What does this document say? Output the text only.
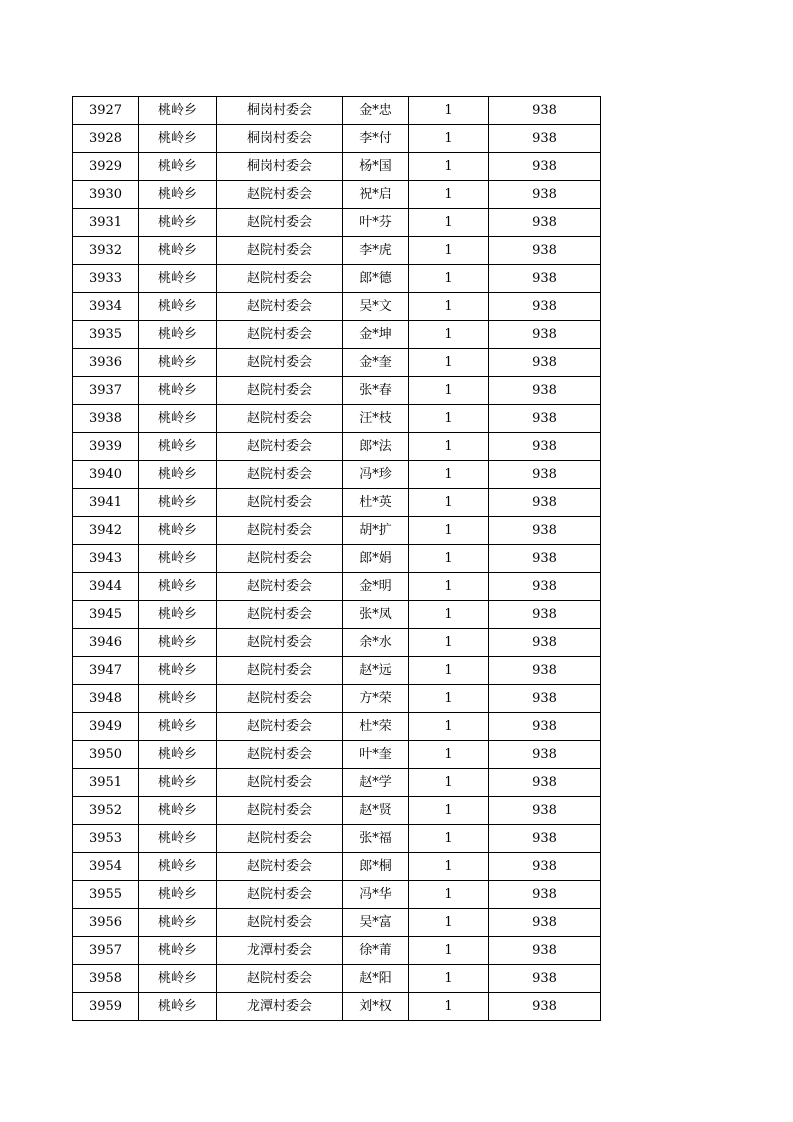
3927	桃岭乡	桐岗村委会	金*忠	1	938
3928	桃岭乡	桐岗村委会	李*付	1	938
3929	桃岭乡	桐岗村委会	杨*国	1	938
3930	桃岭乡	赵院村委会	祝*启	1	938
3931	桃岭乡	赵院村委会	叶*芬	1	938
3932	桃岭乡	赵院村委会	李*虎	1	938
3933	桃岭乡	赵院村委会	郎*德	1	938
3934	桃岭乡	赵院村委会	吴*文	1	938
3935	桃岭乡	赵院村委会	金*坤	1	938
3936	桃岭乡	赵院村委会	金*奎	1	938
3937	桃岭乡	赵院村委会	张*春	1	938
3938	桃岭乡	赵院村委会	汪*枝	1	938
3939	桃岭乡	赵院村委会	郎*法	1	938
3940	桃岭乡	赵院村委会	冯*珍	1	938
3941	桃岭乡	赵院村委会	杜*英	1	938
3942	桃岭乡	赵院村委会	胡*扩	1	938
3943	桃岭乡	赵院村委会	郎*娟	1	938
3944	桃岭乡	赵院村委会	金*明	1	938
3945	桃岭乡	赵院村委会	张*凤	1	938
3946	桃岭乡	赵院村委会	余*水	1	938
3947	桃岭乡	赵院村委会	赵*远	1	938
3948	桃岭乡	赵院村委会	方*荣	1	938
3949	桃岭乡	赵院村委会	杜*荣	1	938
3950	桃岭乡	赵院村委会	叶*奎	1	938
3951	桃岭乡	赵院村委会	赵*学	1	938
3952	桃岭乡	赵院村委会	赵*贤	1	938
3953	桃岭乡	赵院村委会	张*福	1	938
3954	桃岭乡	赵院村委会	郎*桐	1	938
3955	桃岭乡	赵院村委会	冯*华	1	938
3956	桃岭乡	赵院村委会	吴*富	1	938
3957	桃岭乡	龙潭村委会	徐*莆	1	938
3958	桃岭乡	赵院村委会	赵*阳	1	938
3959	桃岭乡	龙潭村委会	刘*权	1	938
